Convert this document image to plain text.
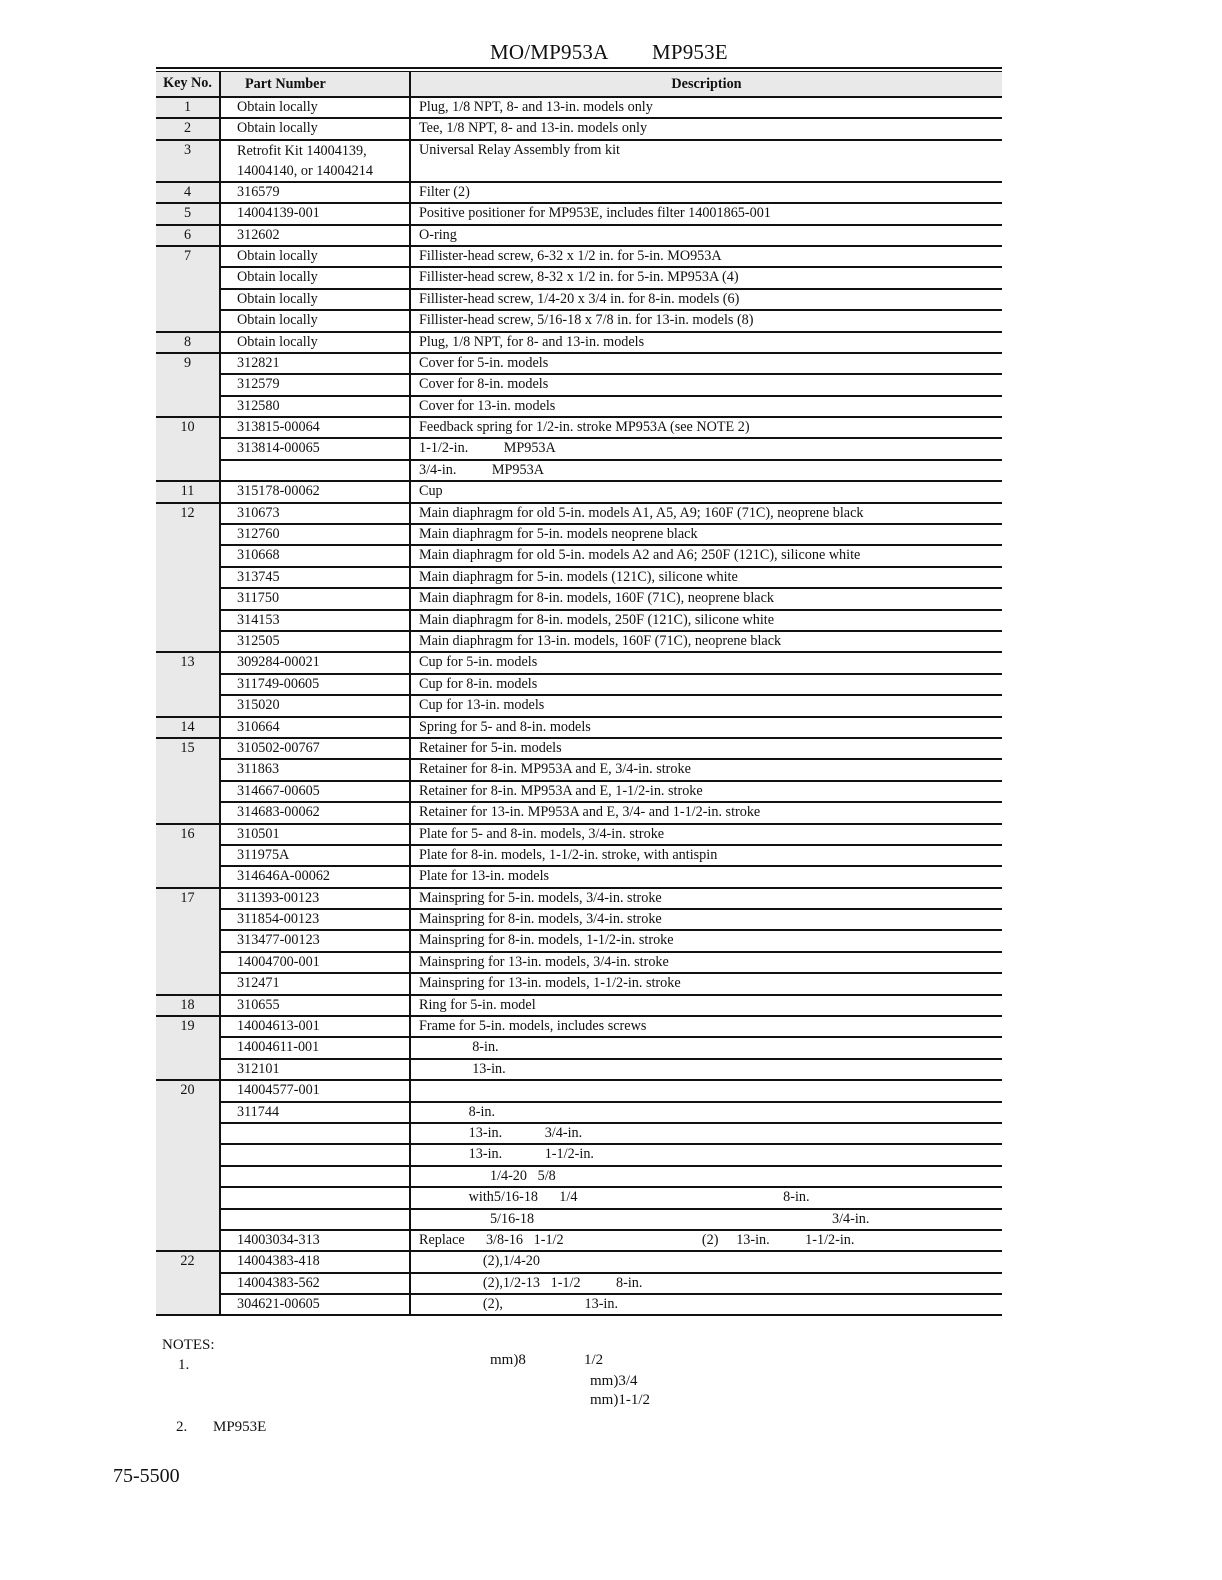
MO/MP953A MP953E
Key No.	Part Number	Description
1	Obtain locally	Plug, 1/8 NPT, 8- and 13-in. models only
2	Obtain locally	Tee, 1/8 NPT, 8- and 13-in. models only
3	Retrofit Kit 14004139, 14004140, or 14004214	Universal Relay Assembly from kit
4	316579	Filter (2)
5	14004139-001	Positive positioner for MP953E, includes filter 14001865-001
6	312602	O-ring
7	Obtain locally	Fillister-head screw, 6-32 x 1/2 in. for 5-in. MO953A
	Obtain locally	Fillister-head screw, 8-32 x 1/2 in. for 5-in. MP953A (4)
	Obtain locally	Fillister-head screw, 1/4-20 x 3/4 in. for 8-in. models (6)
	Obtain locally	Fillister-head screw, 5/16-18 x 7/8 in. for 13-in. models (8)
8	Obtain locally	Plug, 1/8 NPT, for 8- and 13-in. models
9	312821	Cover for 5-in. models
	312579	Cover for 8-in. models
	312580	Cover for 13-in. models
10	313815-00064	Feedback spring for 1/2-in. stroke MP953A (see NOTE 2)
	313814-00065	1-1/2-in.          MP953A
		3/4-in.          MP953A
11	315178-00062	Cup
12	310673	Main diaphragm for old 5-in. models A1, A5, A9; 160F (71C), neoprene black
	312760	Main diaphragm for 5-in. models neoprene black
	310668	Main diaphragm for old 5-in. models A2 and A6; 250F (121C), silicone white
	313745	Main diaphragm for 5-in. models (121C), silicone white
	311750	Main diaphragm for 8-in. models, 160F (71C), neoprene black
	314153	Main diaphragm for 8-in. models, 250F (121C), silicone white
	312505	Main diaphragm for 13-in. models, 160F (71C), neoprene black
13	309284-00021	Cup for 5-in. models
	311749-00605	Cup for 8-in. models
	315020	Cup for 13-in. models
14	310664	Spring for 5- and 8-in. models
15	310502-00767	Retainer for 5-in. models
	311863	Retainer for 8-in. MP953A and E, 3/4-in. stroke
	314667-00605	Retainer for 8-in. MP953A and E, 1-1/2-in. stroke
	314683-00062	Retainer for 13-in. MP953A and E, 3/4- and 1-1/2-in. stroke
16	310501	Plate for 5- and 8-in. models, 3/4-in. stroke
	311975A	Plate for 8-in. models, 1-1/2-in. stroke, with antispin
	314646A-00062	Plate for 13-in. models
17	311393-00123	Mainspring for 5-in. models, 3/4-in. stroke
	311854-00123	Mainspring for 8-in. models, 3/4-in. stroke
	313477-00123	Mainspring for 8-in. models, 1-1/2-in. stroke
	14004700-001	Mainspring for 13-in. models, 3/4-in. stroke
	312471	Mainspring for 13-in. models, 1-1/2-in. stroke
18	310655	Ring for 5-in. model
19	14004613-001	Frame for 5-in. models, includes screws
	14004611-001	8-in.
	312101	13-in.
20	14004577-001	
	311744	8-in.
		13-in.            3/4-in.
		13-in.            1-1/2-in.
		1/4-20   5/8
		with5/16-18      1/4                                                          8-in.
		5/16-18                                                                                    3/4-in.
	14003034-313	Replace      3/8-16   1-1/2                                       (2)     13-in.          1-1/2-in.
22	14004383-418	(2),1/4-20
	14004383-562	(2),1/2-13   1-1/2          8-in.
	304621-00605	(2),                       13-in.
NOTES:
1.
2. MP953E
mm)8	1/2
mm)3/4
mm)1-1/2
75-5500
